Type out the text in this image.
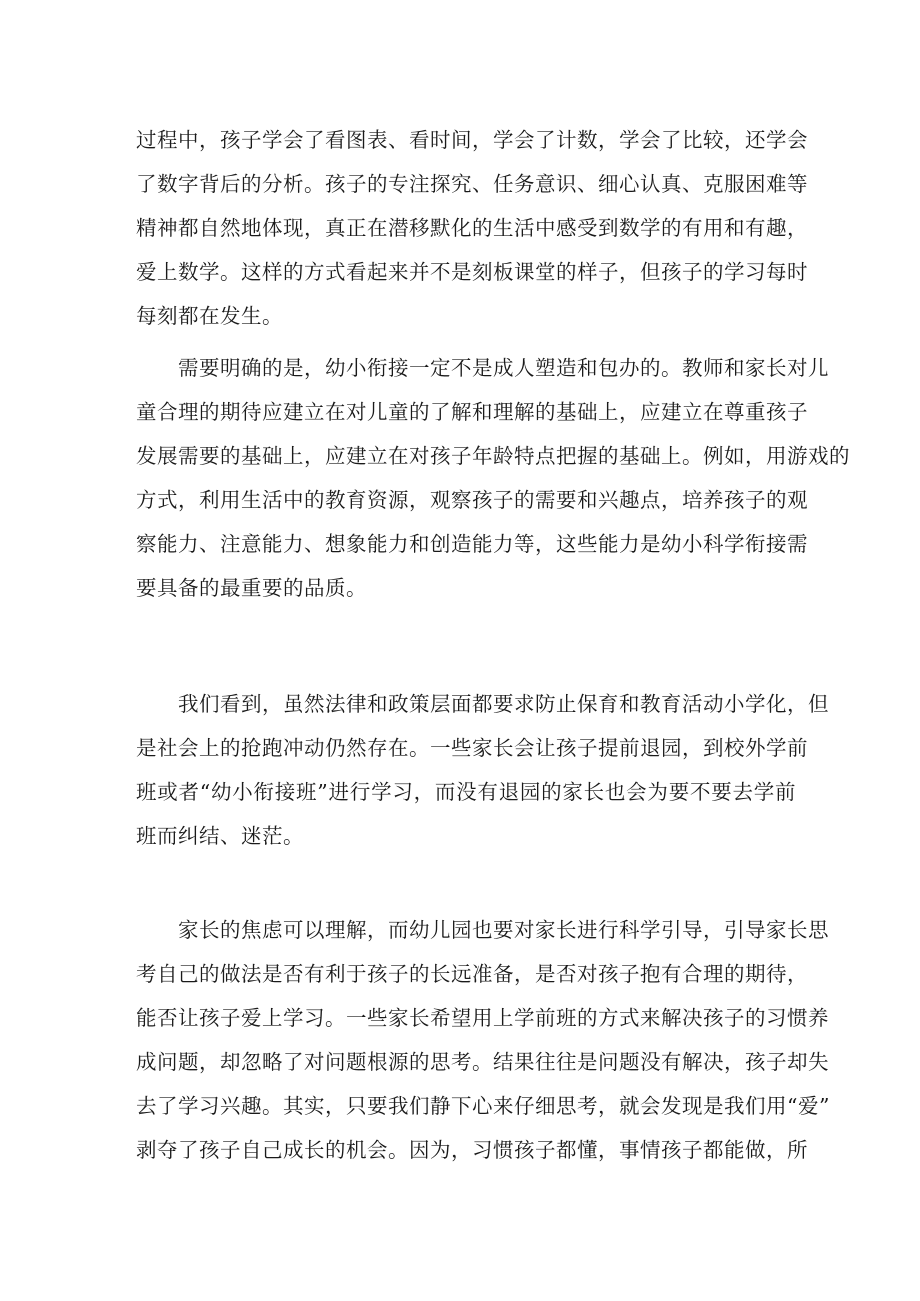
过程中，孩子学会了看图表、看时间，学会了计数，学会了比较，还学会
了数字背后的分析。孩子的专注探究、任务意识、细心认真、克服困难等
精神都自然地体现，真正在潜移默化的生活中感受到数学的有用和有趣，
爱上数学。这样的方式看起来并不是刻板课堂的样子，但孩子的学习每时
每刻都在发生。
　　需要明确的是，幼小衔接一定不是成人塑造和包办的。教师和家长对儿
童合理的期待应建立在对儿童的了解和理解的基础上，应建立在尊重孩子
发展需要的基础上，应建立在对孩子年龄特点把握的基础上。例如，用游戏的
方式，利用生活中的教育资源，观察孩子的需要和兴趣点，培养孩子的观
察能力、注意能力、想象能力和创造能力等，这些能力是幼小科学衔接需
要具备的最重要的品质。
　　我们看到，虽然法律和政策层面都要求防止保育和教育活动小学化，但
是社会上的抢跑冲动仍然存在。一些家长会让孩子提前退园，到校外学前
班或者“幼小衔接班”进行学习，而没有退园的家长也会为要不要去学前
班而纠结、迷茫。
　　家长的焦虑可以理解，而幼儿园也要对家长进行科学引导，引导家长思
考自己的做法是否有利于孩子的长远准备，是否对孩子抱有合理的期待，
能否让孩子爱上学习。一些家长希望用上学前班的方式来解决孩子的习惯养
成问题，却忽略了对问题根源的思考。结果往往是问题没有解决，孩子却失
去了学习兴趣。其实，只要我们静下心来仔细思考，就会发现是我们用“爱”
剥夺了孩子自己成长的机会。因为，习惯孩子都懂，事情孩子都能做，所
